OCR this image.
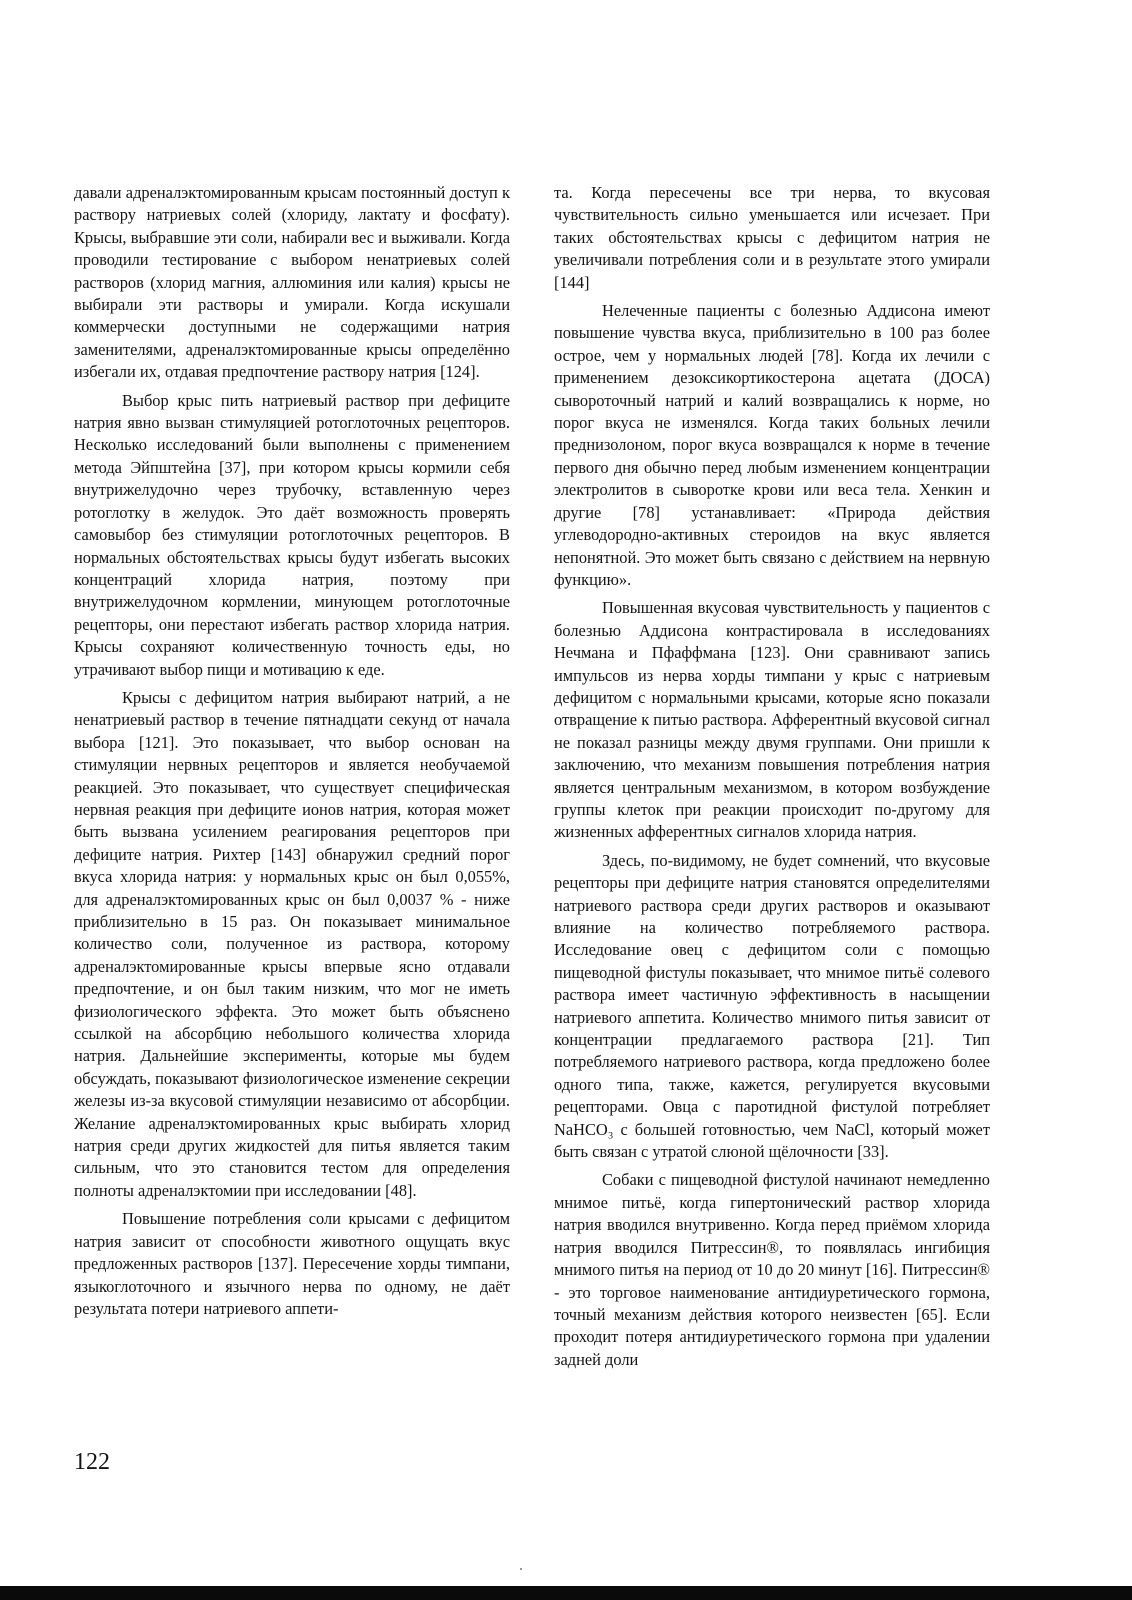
давали адреналэктомированным крысам постоянный доступ к раствору натриевых солей (хлориду, лактату и фосфату). Крысы, выбравшие эти соли, набирали вес и выживали. Когда проводили тестирование с выбором ненатриевых солей растворов (хлорид магния, аллюминия или калия) крысы не выбирали эти растворы и умирали. Когда искушали коммерчески доступными не содержащими натрия заменителями, адреналэктомированные крысы определённо избегали их, отдавая предпочтение раствору натрия [124].

Выбор крыс пить натриевый раствор при дефиците натрия явно вызван стимуляцией ротоглоточных рецепторов. Несколько исследований были выполнены с применением метода Эйпштейна [37], при котором крысы кормили себя внутрижелудочно через трубочку, вставленную через ротоглотку в желудок. Это даёт возможность проверять самовыбор без стимуляции ротоглоточных рецепторов. В нормальных обстоятельствах крысы будут избегать высоких концентраций хлорида натрия, поэтому при внутрижелудочном кормлении, минующем ротоглоточные рецепторы, они перестают избегать раствор хлорида натрия. Крысы сохраняют количественную точность еды, но утрачивают выбор пищи и мотивацию к еде.

Крысы с дефицитом натрия выбирают натрий, а не ненатриевый раствор в течение пятнадцати секунд от начала выбора [121]. Это показывает, что выбор основан на стимуляции нервных рецепторов и является необучаемой реакцией. Это показывает, что существует специфическая нервная реакция при дефиците ионов натрия, которая может быть вызвана усилением реагирования рецепторов при дефиците натрия. Рихтер [143] обнаружил средний порог вкуса хлорида натрия: у нормальных крыс он был 0,055%, для адреналэктомированных крыс он был 0,0037 % - ниже приблизительно в 15 раз. Он показывает минимальное количество соли, полученное из раствора, которому адреналэктомированные крысы впервые ясно отдавали предпочтение, и он был таким низким, что мог не иметь физиологического эффекта. Это может быть объяснено ссылкой на абсорбцию небольшого количества хлорида натрия. Дальнейшие эксперименты, которые мы будем обсуждать, показывают физиологическое изменение секреции железы из-за вкусовой стимуляции независимо от абсорбции. Желание адреналэктомированных крыс выбирать хлорид натрия среди других жидкостей для питья является таким сильным, что это становится тестом для определения полноты адреналэктомии при исследовании [48].

Повышение потребления соли крысами с дефицитом натрия зависит от способности животного ощущать вкус предложенных растворов [137]. Пересечение хорды тимпани, языкоглоточного и язычного нерва по одному, не даёт результата потери натриевого аппети-

та. Когда пересечены все три нерва, то вкусовая чувствительность сильно уменьшается или исчезает. При таких обстоятельствах крысы с дефицитом натрия не увеличивали потребления соли и в результате этого умирали [144]

Нелеченные пациенты с болезнью Аддисона имеют повышение чувства вкуса, приблизительно в 100 раз более острое, чем у нормальных людей [78]. Когда их лечили с применением дезоксикортикостерона ацетата (ДОСА) сывороточный натрий и калий возвращались к норме, но порог вкуса не изменялся. Когда таких больных лечили преднизолоном, порог вкуса возвращался к норме в течение первого дня обычно перед любым изменением концентрации электролитов в сыворотке крови или веса тела. Хенкин и другие [78] устанавливает: «Природа действия углеводородно-активных стероидов на вкус является непонятной. Это может быть связано с действием на нервную функцию».

Повышенная вкусовая чувствительность у пациентов с болезнью Аддисона контрастировала в исследованиях Нечмана и Пфаффмана [123]. Они сравнивают запись импульсов из нерва хорды тимпани у крыс с натриевым дефицитом с нормальными крысами, которые ясно показали отвращение к питью раствора. Афферентный вкусовой сигнал не показал разницы между двумя группами. Они пришли к заключению, что механизм повышения потребления натрия является центральным механизмом, в котором возбуждение группы клеток при реакции происходит по-другому для жизненных афферентных сигналов хлорида натрия.

Здесь, по-видимому, не будет сомнений, что вкусовые рецепторы при дефиците натрия становятся определителями натриевого раствора среди других растворов и оказывают влияние на количество потребляемого раствора. Исследование овец с дефицитом соли с помощью пищеводной фистулы показывает, что мнимое питьё солевого раствора имеет частичную эффективность в насыщении натриевого аппетита. Количество мнимого питья зависит от концентрации предлагаемого раствора [21]. Тип потребляемого натриевого раствора, когда предложено более одного типа, также, кажется, регулируется вкусовыми рецепторами. Овца с паротидной фистулой потребляет NaHCO₃ с большей готовностью, чем NaCl, который может быть связан с утратой слюной щёлочности [33].

Собаки с пищеводной фистулой начинают немедленно мнимое питьё, когда гипертонический раствор хлорида натрия вводился внутривенно. Когда перед приёмом хлорида натрия вводился Питрессин®, то появлялась ингибиция мнимого питья на период от 10 до 20 минут [16]. Питрессин® - это торговое наименование антидиуретического гормона, точный механизм действия которого неизвестен [65]. Если проходит потеря антидиуретического гормона при удалении задней доли

122
